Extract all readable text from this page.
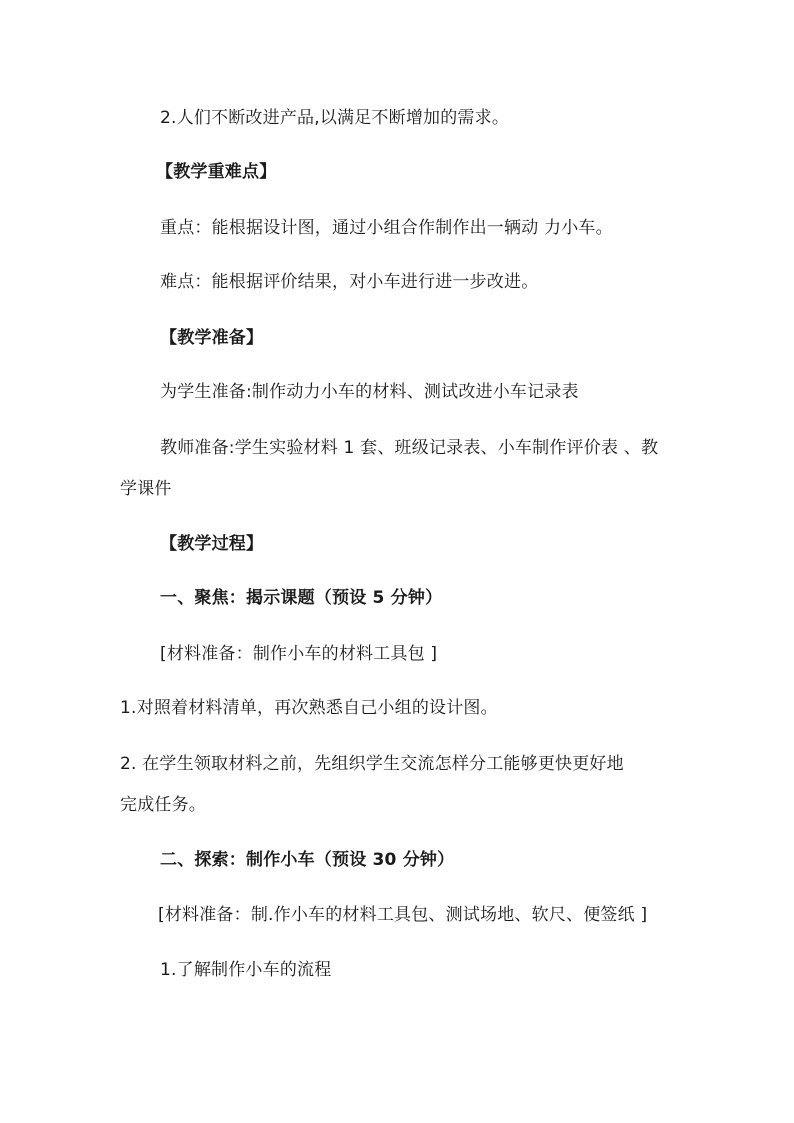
2.人们不断改进产品,以满足不断增加的需求。
【教学重难点】
重点：能根据设计图，通过小组合作制作出一辆动 力小车。
难点：能根据评价结果，对小车进行进一步改进。
【教学准备】
为学生准备:制作动力小车的材料、测试改进小车记录表
教师准备:学生实验材料 1 套、班级记录表、小车制作评价表 、教
学课件
【教学过程】
一、聚焦：揭示课题（预设 5 分钟）
[材料准备：制作小车的材料工具包 ]
1.对照着材料清单，再次熟悉自己小组的设计图。
2. 在学生领取材料之前，先组织学生交流怎样分工能够更快更好地
完成任务。
二、探索：制作小车（预设 30 分钟）
[材料准备：制.作小车的材料工具包、测试场地、软尺、便签纸 ]
1.了解制作小车的流程
